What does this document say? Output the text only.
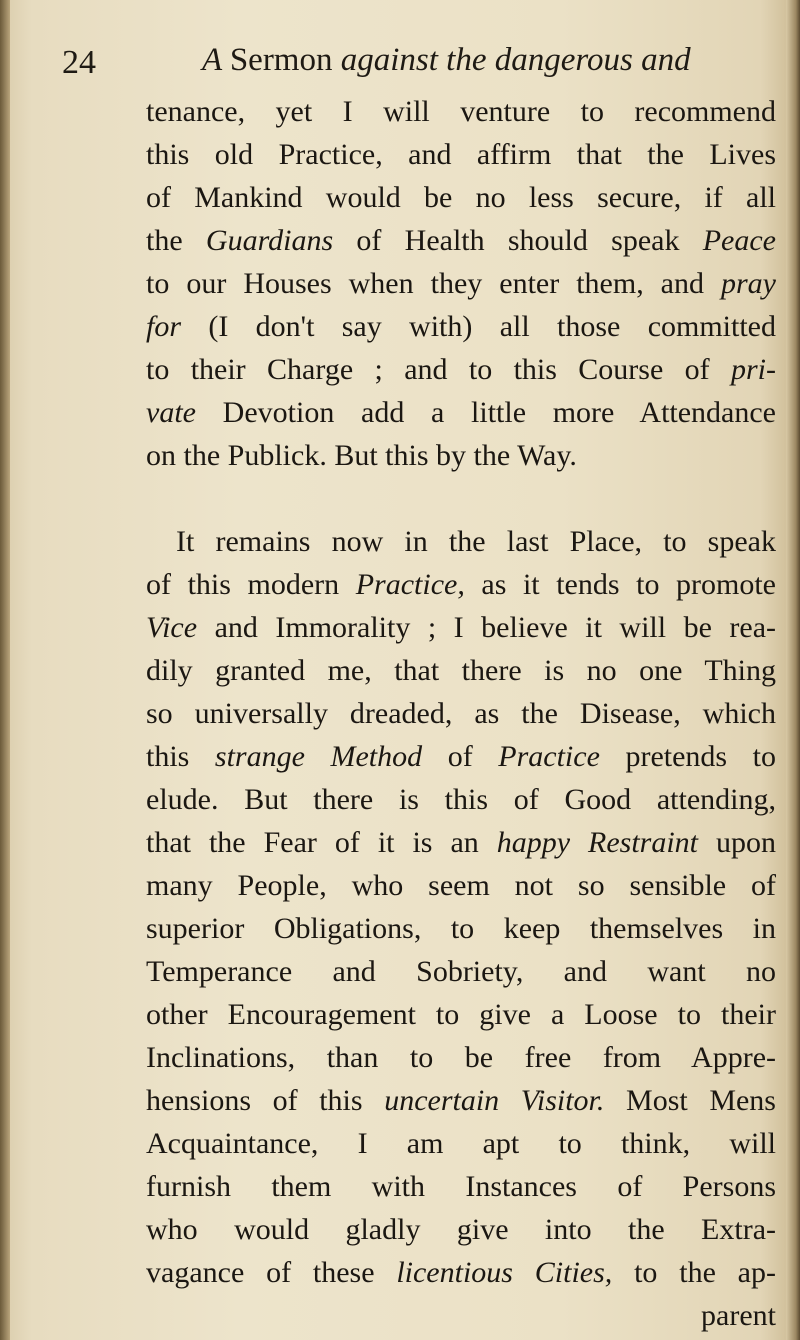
24	A Sermon against the dangerous and
tenance, yet I will venture to recommend
this old Practice, and affirm that the Lives
of Mankind would be no less secure, if all
the Guardians of Health should speak Peace
to our Houses when they enter them, and pray
for (I don't say with) all those committed
to their Charge ; and to this Course of pri-
vate Devotion add a little more Attendance
on the Publick. But this by the Way.
It remains now in the last Place, to speak
of this modern Practice, as it tends to promote
Vice and Immorality ; I believe it will be rea-
dily granted me, that there is no one Thing
so universally dreaded, as the Disease, which
this strange Method of Practice pretends to
elude. But there is this of Good attending,
that the Fear of it is an happy Restraint upon
many People, who seem not so sensible of
superior Obligations, to keep themselves in
Temperance and Sobriety, and want no
other Encouragement to give a Loose to their
Inclinations, than to be free from Appre-
hensions of this uncertain Visitor. Most Mens
Acquaintance, I am apt to think, will
furnish them with Instances of Persons
who would gladly give into the Extra-
vagance of these licentious Cities, to the ap-
parent
